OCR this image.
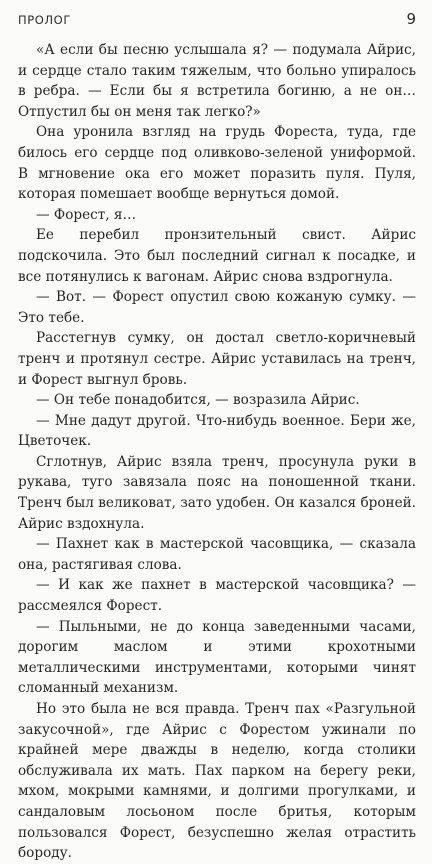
ПРОЛОГ	9

«А если бы песню услышала я? — подумала Айрис, и сердце стало таким тяжелым, что больно упиралось в ребра. — Если бы я встретила богиню, а не он… Отпустил бы он меня так легко?»

Она уронила взгляд на грудь Фореста, туда, где билось его сердце под оливково-зеленой униформой. В мгновение ока его может поразить пуля. Пуля, которая помешает вообще вернуться домой.

— Форест, я…

Ее перебил пронзительный свист. Айрис подскочила. Это был последний сигнал к посадке, и все потянулись к вагонам. Айрис снова вздрогнула.

— Вот. — Форест опустил свою кожаную сумку. — Это тебе.

Расстегнув сумку, он достал светло-коричневый тренч и протянул сестре. Айрис уставилась на тренч, и Форест выгнул бровь.

— Он тебе понадобится, — возразила Айрис.

— Мне дадут другой. Что-нибудь военное. Бери же, Цветочек.

Сглотнув, Айрис взяла тренч, просунула руки в рукава, туго завязала пояс на поношенной ткани. Тренч был великоват, зато удобен. Он казался броней. Айрис вздохнула.

— Пахнет как в мастерской часовщика, — сказала она, растягивая слова.

— И как же пахнет в мастерской часовщика? — рассмеялся Форест.

— Пыльными, не до конца заведенными часами, дорогим маслом и этими крохотными металлическими инструментами, которыми чинят сломанный механизм.

Но это была не вся правда. Тренч пах «Разгульной закусочной», где Айрис с Форестом ужинали по крайней мере дважды в неделю, когда столики обслуживала их мать. Пах парком на берегу реки, мхом, мокрыми камнями, и долгими прогулками, и сандаловым лосьоном после бритья, которым пользовался Форест, безуспешно желая отрастить бороду.
